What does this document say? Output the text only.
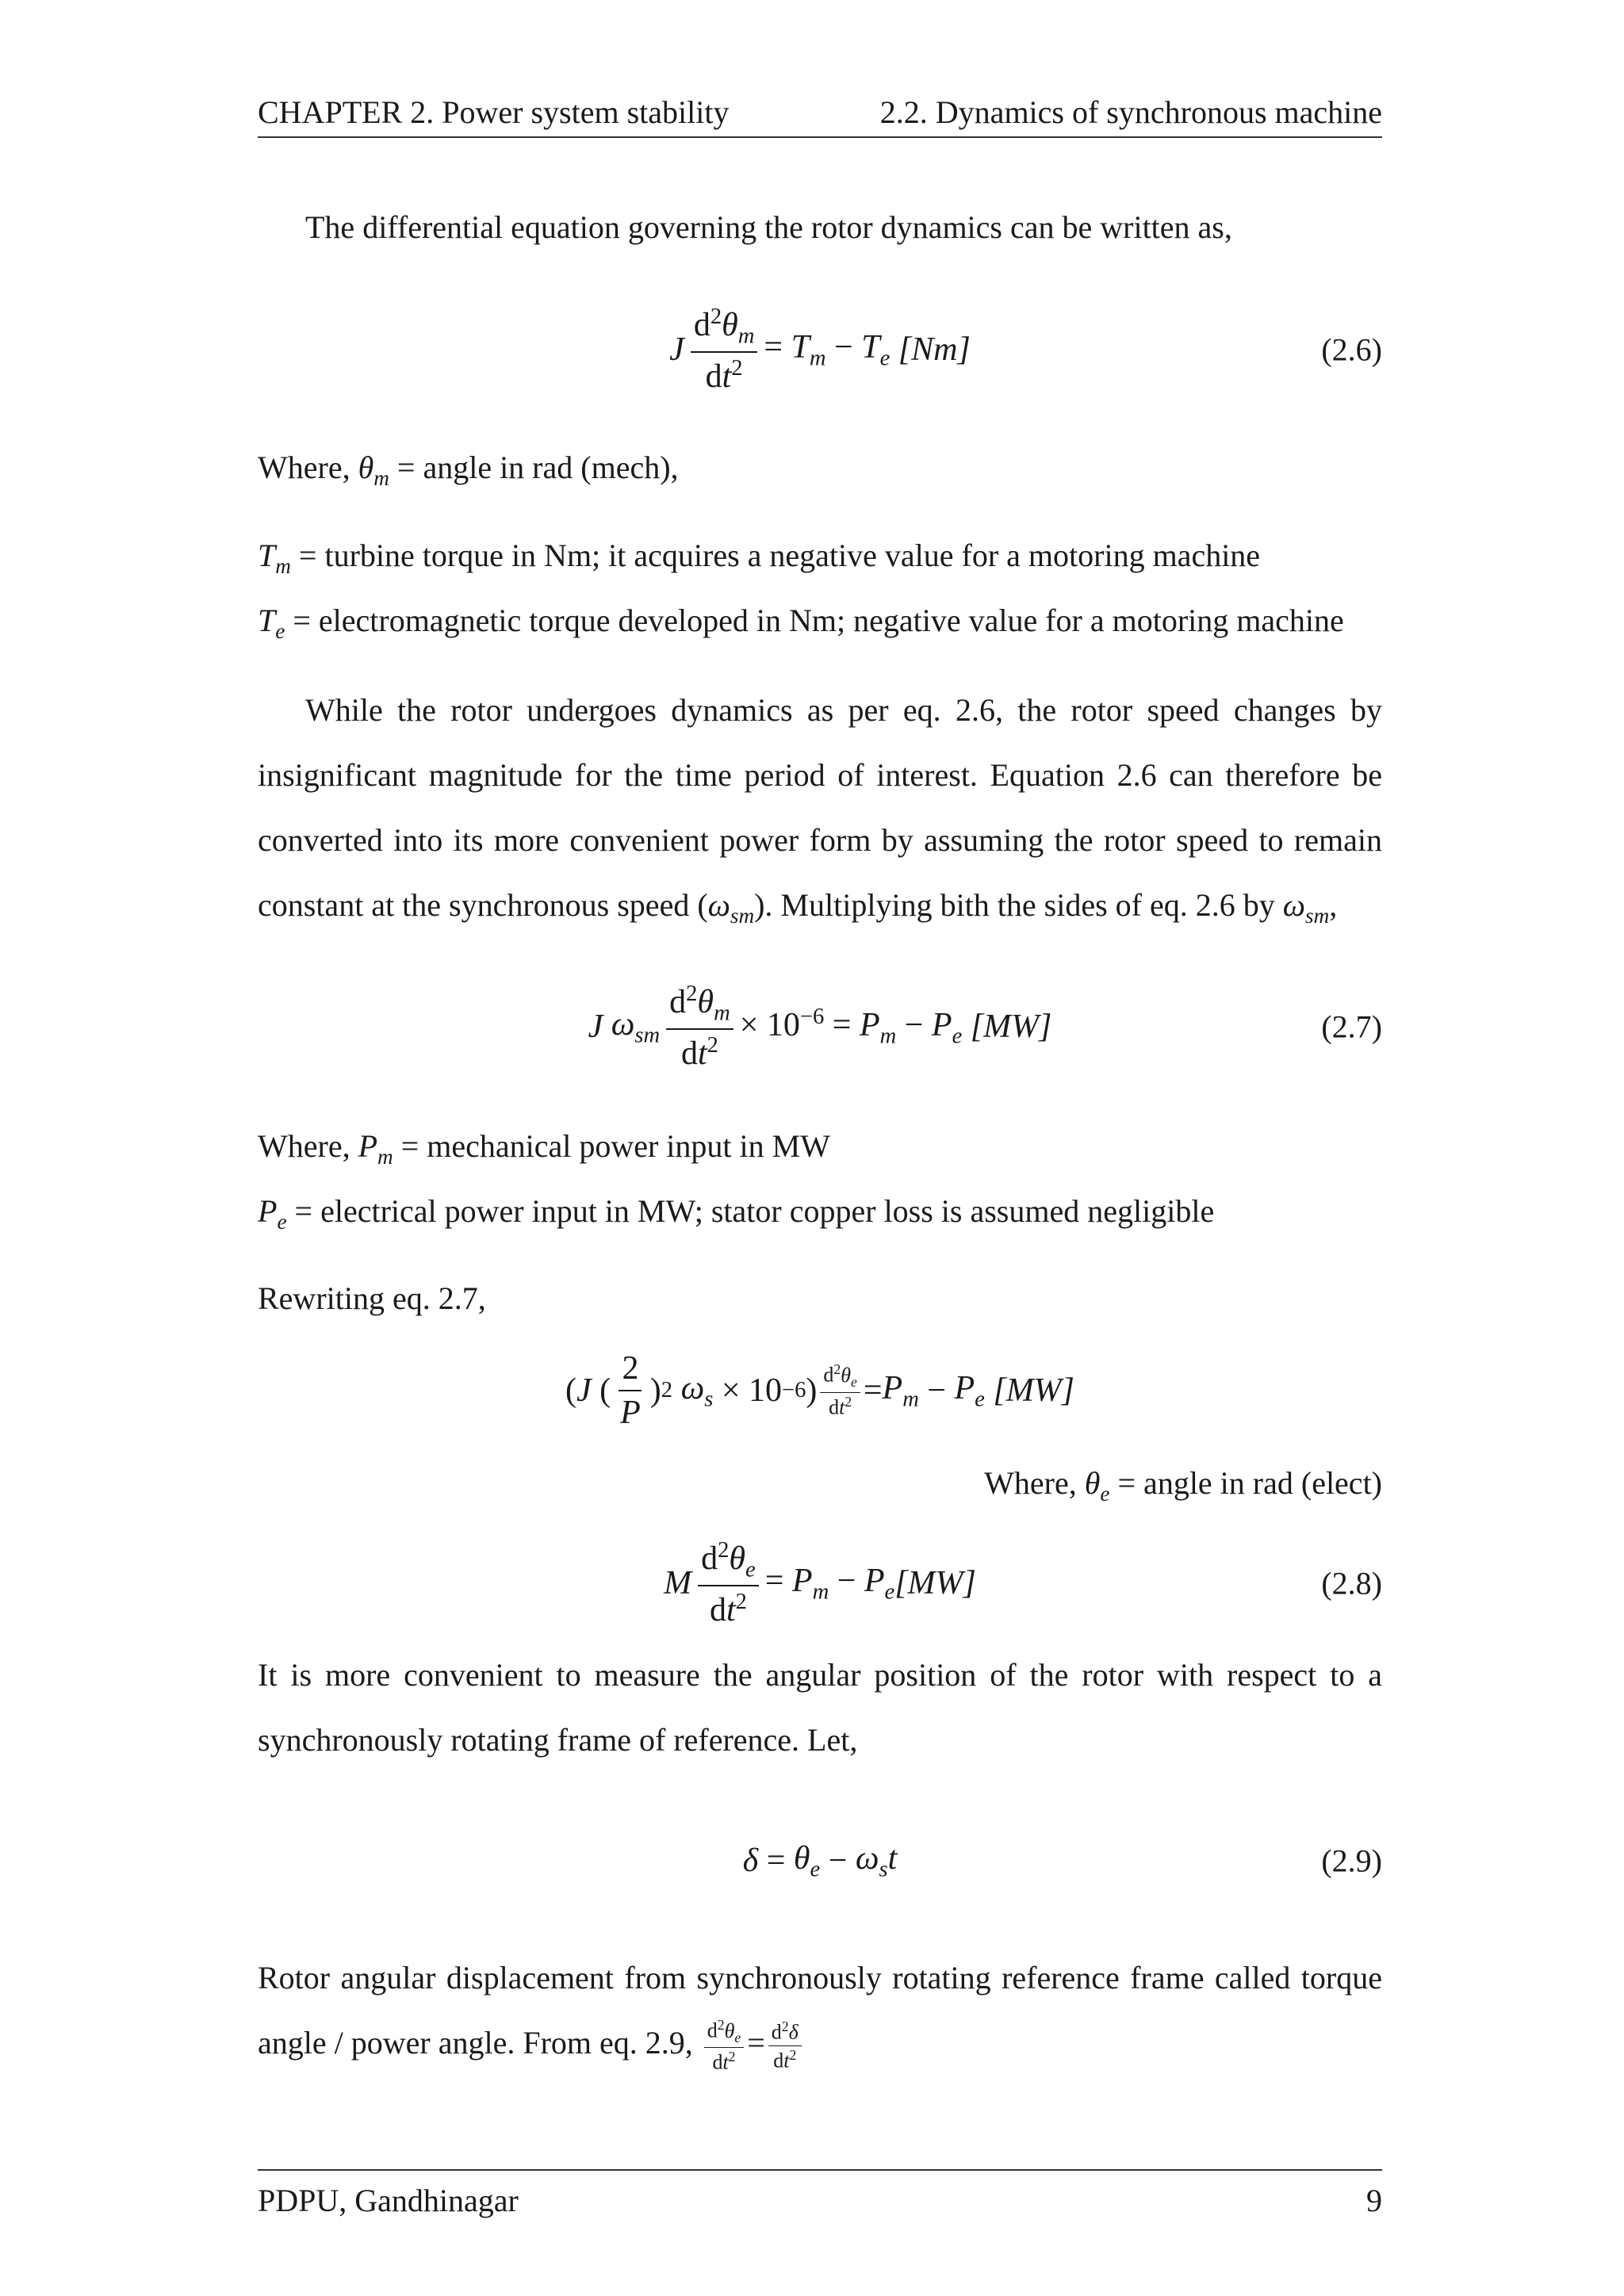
CHAPTER 2. Power system stability	2.2. Dynamics of synchronous machine
The differential equation governing the rotor dynamics can be written as,
J $\frac{d^2\theta_m}{dt^2} = T_m - T_e$ [Nm]	(2.6)
Where, $\theta_m$ = angle in rad (mech),
$T_m$ = turbine torque in Nm; it acquires a negative value for a motoring machine
$T_e$ = electromagnetic torque developed in Nm; negative value for a motoring machine
While the rotor undergoes dynamics as per eq. 2.6, the rotor speed changes by
insignificant magnitude for the time period of interest. Equation 2.6 can therefore be
converted into its more convenient power form by assuming the rotor speed to remain
constant at the synchronous speed $(\omega_{sm})$. Multiplying bith the sides of eq. 2.6 by $\omega_{sm}$,
J
$\omega_{sm} \frac{d^2\theta_m}{dt^2} \times 10^{-6} = P_m - P_e$ [MW]	(2.7)
Where, $P_m$ = mechanical power input in MW
$P_e$ = electrical power input in MW; stator copper loss is assumed negligible
Rewriting eq. 2.7,
( J ( $\frac{2}{P}$ ) 2
$\omega_s \times 10 -6$ ) $\frac{d^2\theta_e}{dt^2} = P_m - P_e$
[MW]
Where, $\theta_e$ = angle in rad (elect)
M $\frac{d^2\theta_e}{dt^2} = P_m - P_e$ [MW]	(2.8)
It is more convenient to measure the angular position of the rotor with respect to a
synchronously rotating frame of reference. Let,
$\delta = \theta_e - \omega_st$	(2.9)
Rotor angular displacement from synchronously rotating reference frame called torque
angle / power angle. From eq. 2.9, $\frac{d^2\theta_e}{dt^2} = \frac{d^2\delta}{dt^2}$
PDPU, Gandhinagar	9
